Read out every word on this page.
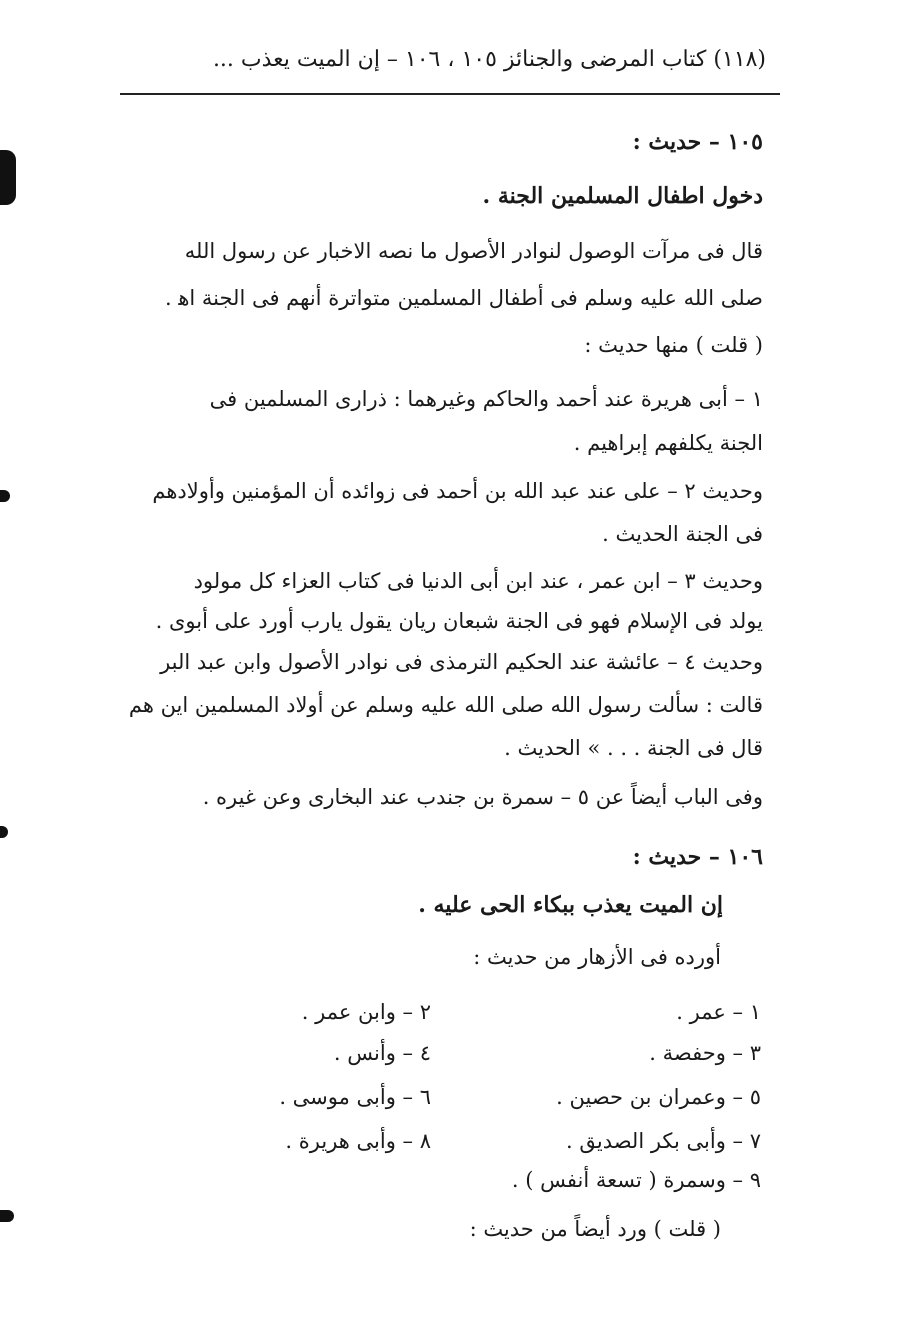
(١١٨) كتاب المرضى والجنائز ١٠٥ ، ١٠٦ – إن الميت يعذب ...
١٠٥ – حديث :
دخول اطفال المسلمين الجنة .
قال فى مرآت الوصول لنوادر الأصول ما نصه الاخبار عن رسول الله
صلى الله عليه وسلم فى أطفال المسلمين متواترة أنهم فى الجنة اﻫ .
( قلت ) منها حديث :
١ – أبى هريرة عند أحمد والحاكم وغيرهما : ذرارى المسلمين فى
الجنة يكلفهم إبراهيم .
وحديث ٢ – على عند عبد الله بن أحمد فى زوائده أن المؤمنين وأولادهم
فى الجنة الحديث .
وحديث ٣ – ابن عمر ، عند ابن أبى الدنيا فى كتاب العزاء كل مولود
يولد فى الإسلام فهو فى الجنة شبعان ريان يقول يارب أورد على أبوى .
وحديث ٤ – عائشة عند الحكيم الترمذى فى نوادر الأصول وابن عبد البر
قالت : سألت رسول الله صلى الله عليه وسلم عن أولاد المسلمين اين هم
قال فى الجنة . . . » الحديث .
وفى الباب أيضاً عن ٥ – سمرة بن جندب عند البخارى وعن غيره .
١٠٦ – حديث :
إن الميت يعذب ببكاء الحى عليه .
أورده فى الأزهار من حديث :
١ – عمر .
٢ – وابن عمر .
٣ – وحفصة .
٤ – وأنس .
٥ – وعمران بن حصين .
٦ – وأبى موسى .
٧ – وأبى بكر الصديق .
٨ – وأبى هريرة .
٩ – وسمرة ( تسعة أنفس ) .
( قلت ) ورد أيضاً من حديث :
